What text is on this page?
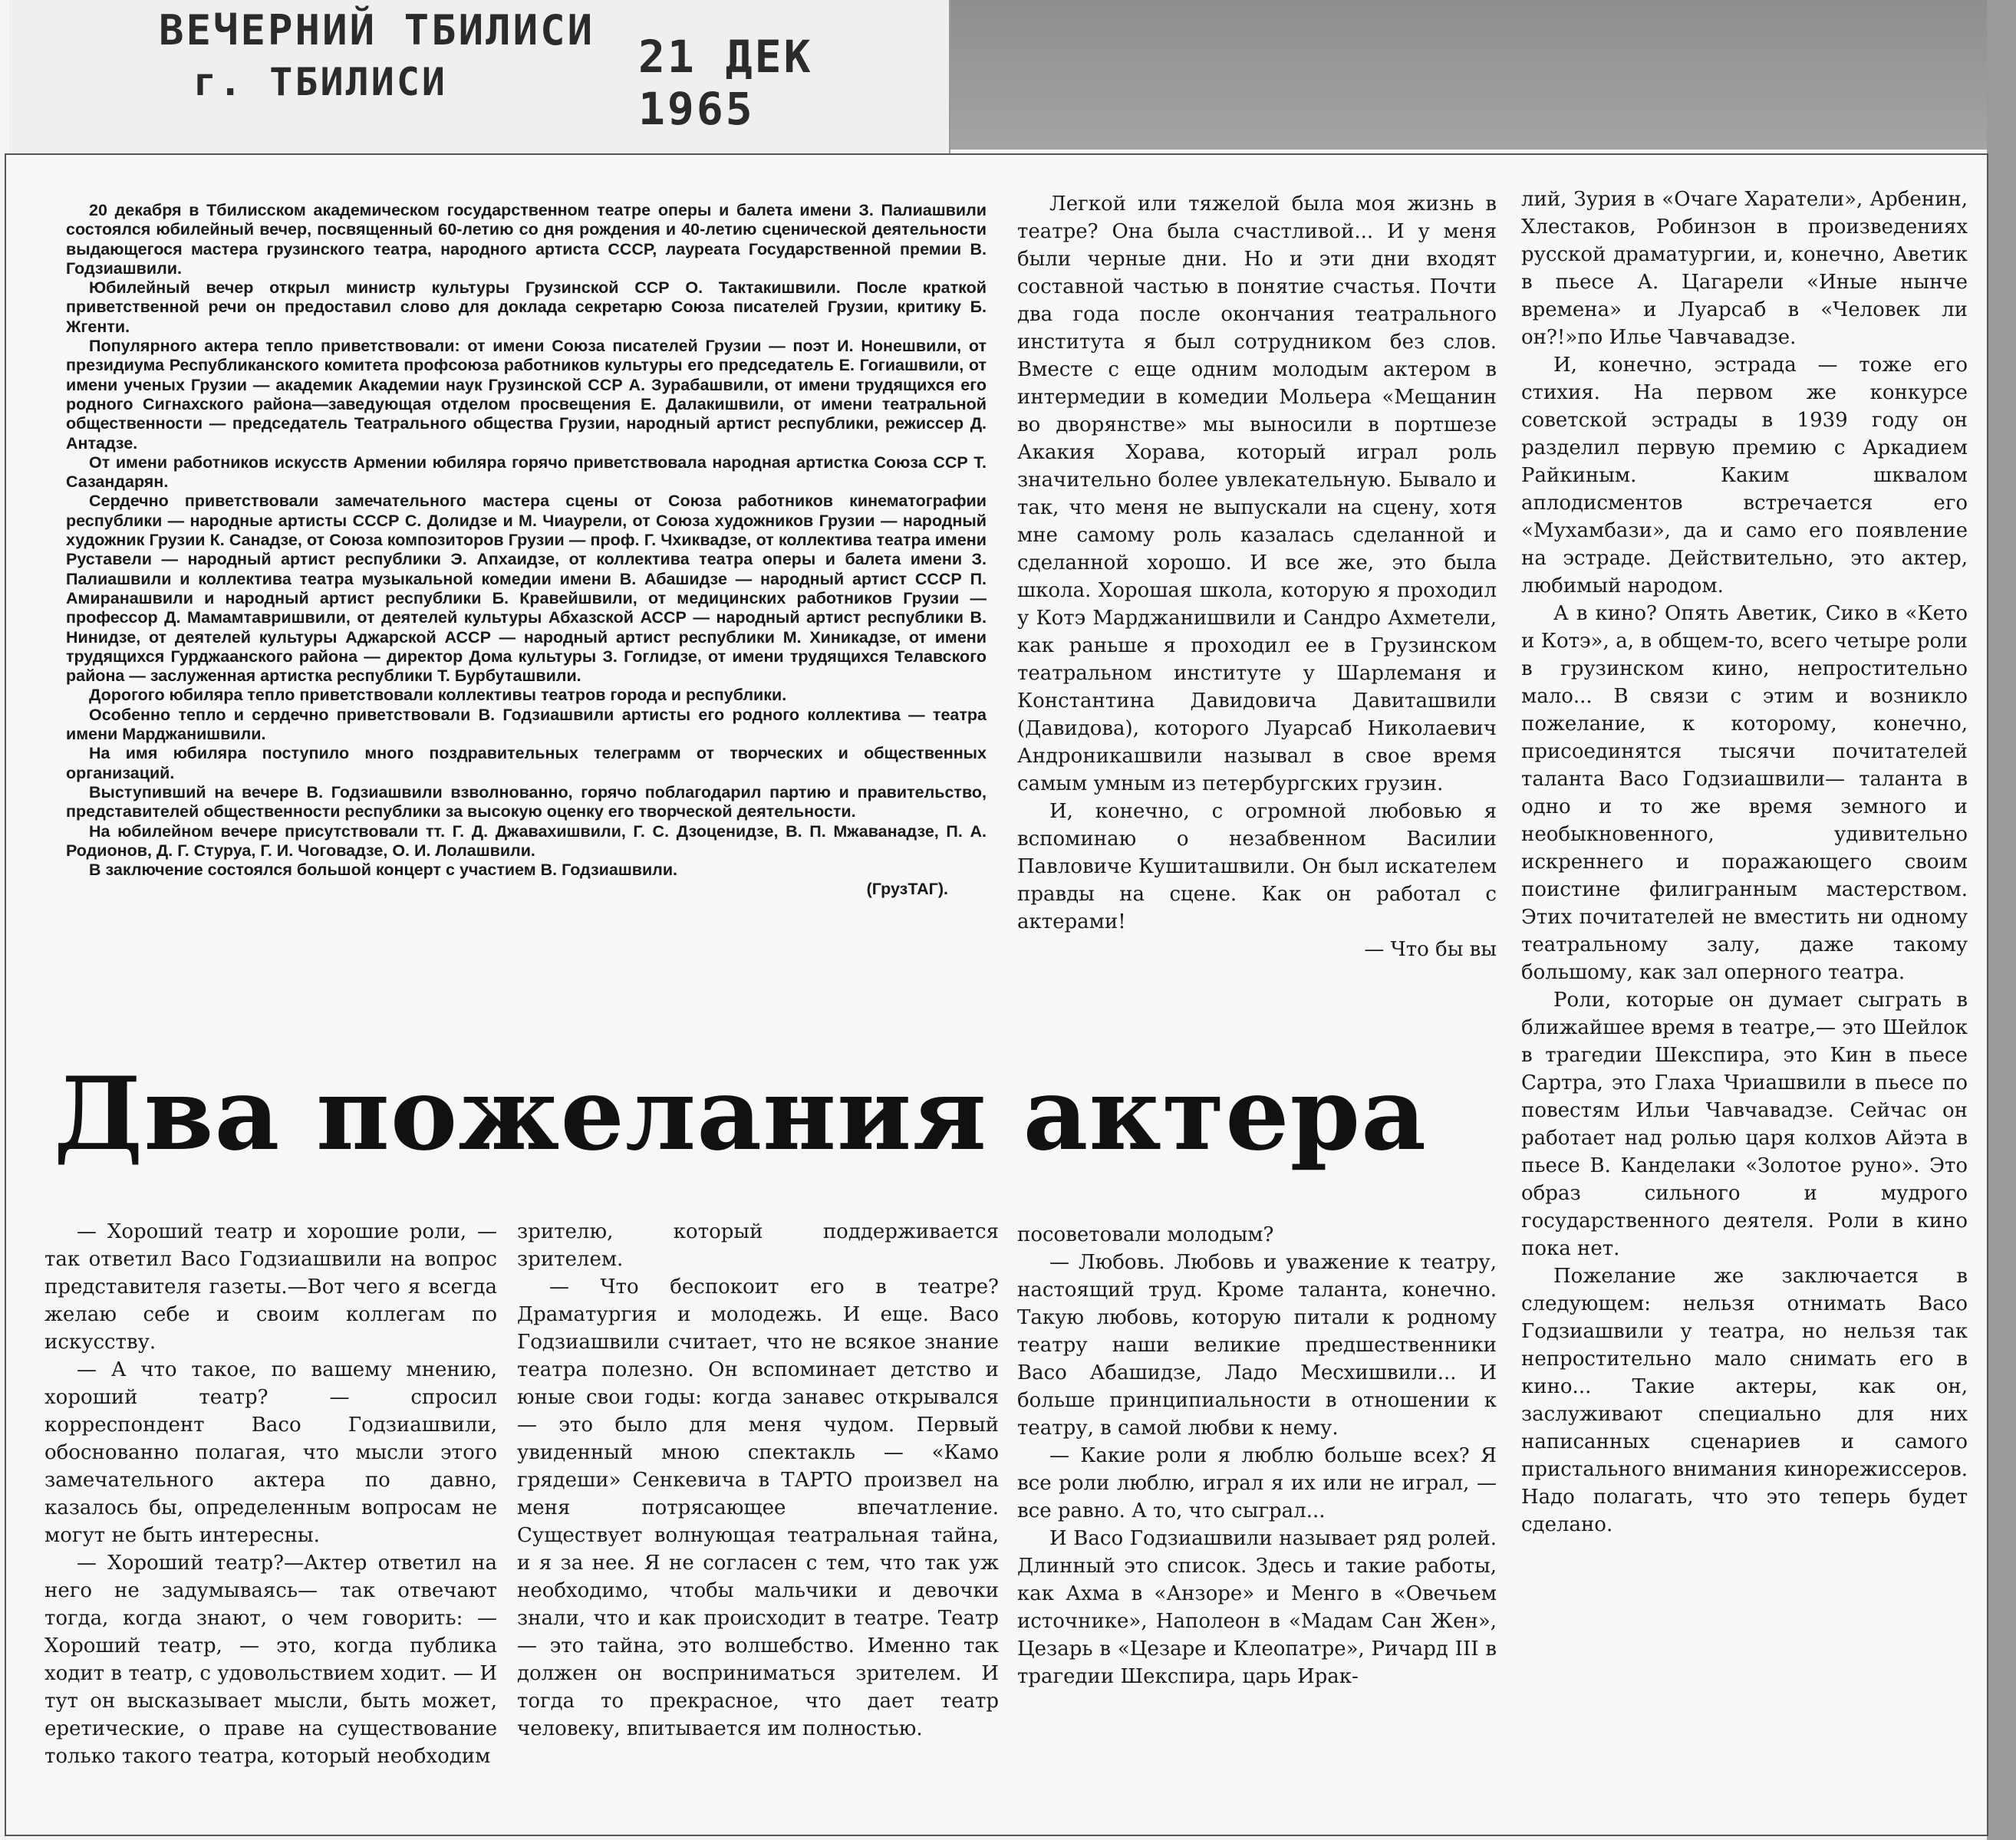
ВЕЧЕРНИЙ ТБИЛИСИ
г. ТБИЛИСИ	21 ДЕК 1965

20 декабря в Тбилисском академическом государственном театре оперы и балета имени З. Палиашвили состоялся юбилейный вечер, посвященный 60-летию со дня рождения и 40-летию сценической деятельности выдающегося мастера грузинского театра, народного артиста СССР, лауреата Государственной премии В. Годзиашвили.

Юбилейный вечер открыл министр культуры Грузинской ССР О. Тактакишвили. После краткой приветственной речи он предоставил слово для доклада секретарю Союза писателей Грузии, критику Б. Жгенти.

Популярного актера тепло приветствовали: от имени Союза писателей Грузии — поэт И. Нонешвили, от президиума Республиканского комитета профсоюза работников культуры его председатель Е. Гогиашвили, от имени ученых Грузии — академик Академии наук Грузинской ССР А. Зурабашвили, от имени трудящихся его родного Сигнахского района—заведующая отделом просвещения Е. Далакишвили, от имени театральной общественности — председатель Театрального общества Грузии, народный артист республики, режиссер Д. Антадзе.

От имени работников искусств Армении юбиляра горячо приветствовала народная артистка Союза ССР Т. Сазандарян.

Сердечно приветствовали замечательного мастера сцены от Союза работников кинематографии республики — народные артисты СССР С. Долидзе и М. Чиаурели, от Союза художников Грузии — народный художник Грузии К. Санадзе, от Союза композиторов Грузии — проф. Г. Чхиквадзе, от коллектива театра имени Руставели — народный артист республики Э. Апхаидзе, от коллектива театра оперы и балета имени З. Палиашвили и коллектива театра музыкальной комедии имени В. Абашидзе — народный артист СССР П. Амиранашвили и народный артист республики Б. Кравейшвили, от медицинских работников Грузии — профессор Д. Мамамтавришвили, от деятелей культуры Абхазской АССР — народный артист республики В. Нинидзе, от деятелей культуры Аджарской АССР — народный артист республики М. Хиникадзе, от имени трудящихся Гурджаанского района — директор Дома культуры З. Гоглидзе, от имени трудящихся Телавского района — заслуженная артистка республики Т. Бурбуташвили.

Дорогого юбиляра тепло приветствовали коллективы театров города и республики.

Особенно тепло и сердечно приветствовали В. Годзиашвили артисты его родного коллектива — театра имени Марджанишвили.

На имя юбиляра поступило много поздравительных телеграмм от творческих и общественных организаций.

Выступивший на вечере В. Годзиашвили взволнованно, горячо поблагодарил партию и правительство, представителей общественности республики за высокую оценку его творческой деятельности.

На юбилейном вечере присутствовали тт. Г. Д. Джавахишвили, Г. С. Дзоценидзе, В. П. Мжаванадзе, П. А. Родионов, Д. Г. Стуруа, Г. И. Чоговадзе, О. И. Лолашвили.

В заключение состоялся большой концерт с участием В. Годзиашвили.

(ГрузТАГ).

Легкой или тяжелой была моя жизнь в театре? Она была счастливой... И у меня были черные дни. Но и эти дни входят составной частью в понятие счастья. Почти два года после окончания театрального института я был сотрудником без слов. Вместе с еще одним молодым актером в интермедии в комедии Мольера «Мещанин во дворянстве» мы выносили в портшезе Акакия Хорава, который играл роль значительно более увлекательную. Бывало и так, что меня не выпускали на сцену, хотя мне самому роль казалась сделанной и сделанной хорошо. И все же, это была школа. Хорошая школа, которую я проходил у Котэ Марджанишвили и Сандро Ахметели, как раньше я проходил ее в Грузинском театральном институте у Шарлеманя и Константина Давидовича Давиташвили (Давидова), которого Луарсаб Николаевич Андроникашвили называл в свое время самым умным из петербургских грузин.

И, конечно, с огромной любовью я вспоминаю о незабвенном Василии Павловиче Кушиташвили. Он был искателем правды на сцене. Как он работал с актерами!

— Что бы вы

лий, Зурия в «Очаге Харатели», Арбенин, Хлестаков, Робинзон в произведениях русской драматургии, и, конечно, Аветик в пьесе А. Цагарели «Иные нынче времена» и Луарсаб в «Человек ли он?!»по Илье Чавчавадзе.

И, конечно, эстрада — тоже его стихия. На первом же конкурсе советской эстрады в 1939 году он разделил первую премию с Аркадием Райкиным. Каким шквалом аплодисментов встречается его «Мухамбази», да и само его появление на эстраде. Действительно, это актер, любимый народом.

А в кино? Опять Аветик, Сико в «Кето и Котэ», а, в общем-то, всего четыре роли в грузинском кино, непростительно мало... В связи с этим и возникло пожелание, к которому, конечно, присоединятся тысячи почитателей таланта Васо Годзиашвили— таланта в одно и то же время земного и необыкновенного, удивительно искреннего и поражающего своим поистине филигранным мастерством. Этих почитателей не вместить ни одному театральному залу, даже такому большому, как зал оперного театра.

Роли, которые он думает сыграть в ближайшее время в театре,— это Шейлок в трагедии Шекспира, это Кин в пьесе Сартра, это Глаха Чриашвили в пьесе по повестям Ильи Чавчавадзе. Сейчас он работает над ролью царя колхов Айэта в пьесе В. Канделаки «Золотое руно». Это образ сильного и мудрого государственного деятеля. Роли в кино пока нет.

Пожелание же заключается в следующем: нельзя отнимать Васо Годзиашвили у театра, но нельзя так непростительно мало снимать его в кино... Такие актеры, как он, заслуживают специально для них написанных сценариев и самого пристального внимания кинорежиссеров. Надо полагать, что это теперь будет сделано.

Два пожелания актера

— Хороший театр и хорошие роли, —так ответил Васо Годзиашвили на вопрос представителя газеты.—Вот чего я всегда желаю себе и своим коллегам по искусству.

— А что такое, по вашему мнению, хороший театр? — спросил корреспондент Васо Годзиашвили, обоснованно полагая, что мысли этого замечательного актера по давно, казалось бы, определенным вопросам не могут не быть интересны.

— Хороший театр?—Актер ответил на него не задумываясь— так отвечают тогда, когда знают, о чем говорить: — Хороший театр, — это, когда публика ходит в театр, с удовольствием ходит. — И тут он высказывает мысли, быть может, еретические, о праве на существование только такого театра, который необходим

зрителю, который поддерживается зрителем.

— Что беспокоит его в театре? Драматургия и молодежь. И еще. Васо Годзиашвили считает, что не всякое знание театра полезно. Он вспоминает детство и юные свои годы: когда занавес открывался — это было для меня чудом. Первый увиденный мною спектакль — «Камо грядеши» Сенкевича в ТАРТО произвел на меня потрясающее впечатление. Существует волнующая театральная тайна, и я за нее. Я не согласен с тем, что так уж необходимо, чтобы мальчики и девочки знали, что и как происходит в театре. Театр — это тайна, это волшебство. Именно так должен он восприниматься зрителем. И тогда то прекрасное, что дает театр человеку, впитывается им полностью.

посоветовали молодым?

— Любовь. Любовь и уважение к театру, настоящий труд. Кроме таланта, конечно. Такую любовь, которую питали к родному театру наши великие предшественники Васо Абашидзе, Ладо Месхишвили... И больше принципиальности в отношении к театру, в самой любви к нему.

— Какие роли я люблю больше всех? Я все роли люблю, играл я их или не играл, — все равно. А то, что сыграл...

И Васо Годзиашвили называет ряд ролей. Длинный это список. Здесь и такие работы, как Ахма в «Анзоре» и Менго в «Овечьем источнике», Наполеон в «Мадам Сан Жен», Цезарь в «Цезаре и Клеопатре», Ричард III в трагедии Шекспира, царь Ирак-
